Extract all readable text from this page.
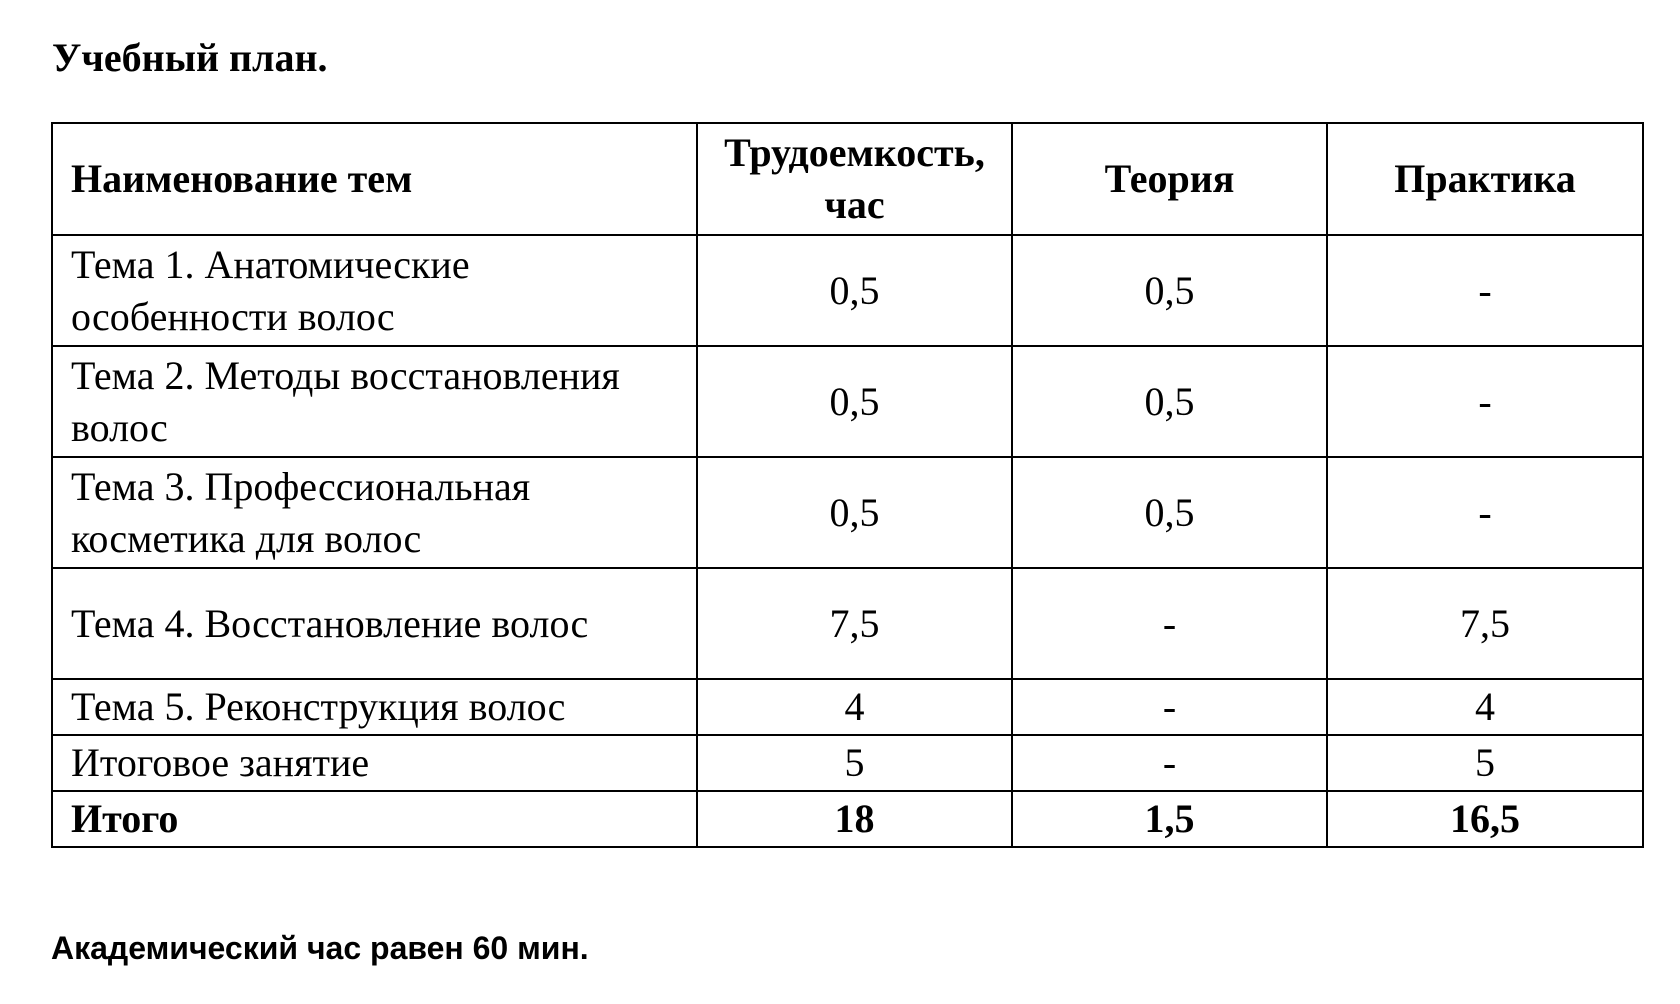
Учебный план.
Наименование тем	Трудоемкость, час	Теория	Практика
Тема 1. Анатомические особенности волос	0,5	0,5	-
Тема 2. Методы восстановления волос	0,5	0,5	-
Тема 3. Профессиональная косметика для волос	0,5	0,5	-
Тема 4. Восстановление волос	7,5	-	7,5
Тема 5. Реконструкция волос	4	-	4
Итоговое занятие	5	-	5
Итого	18	1,5	16,5

Академический час равен 60 мин.
